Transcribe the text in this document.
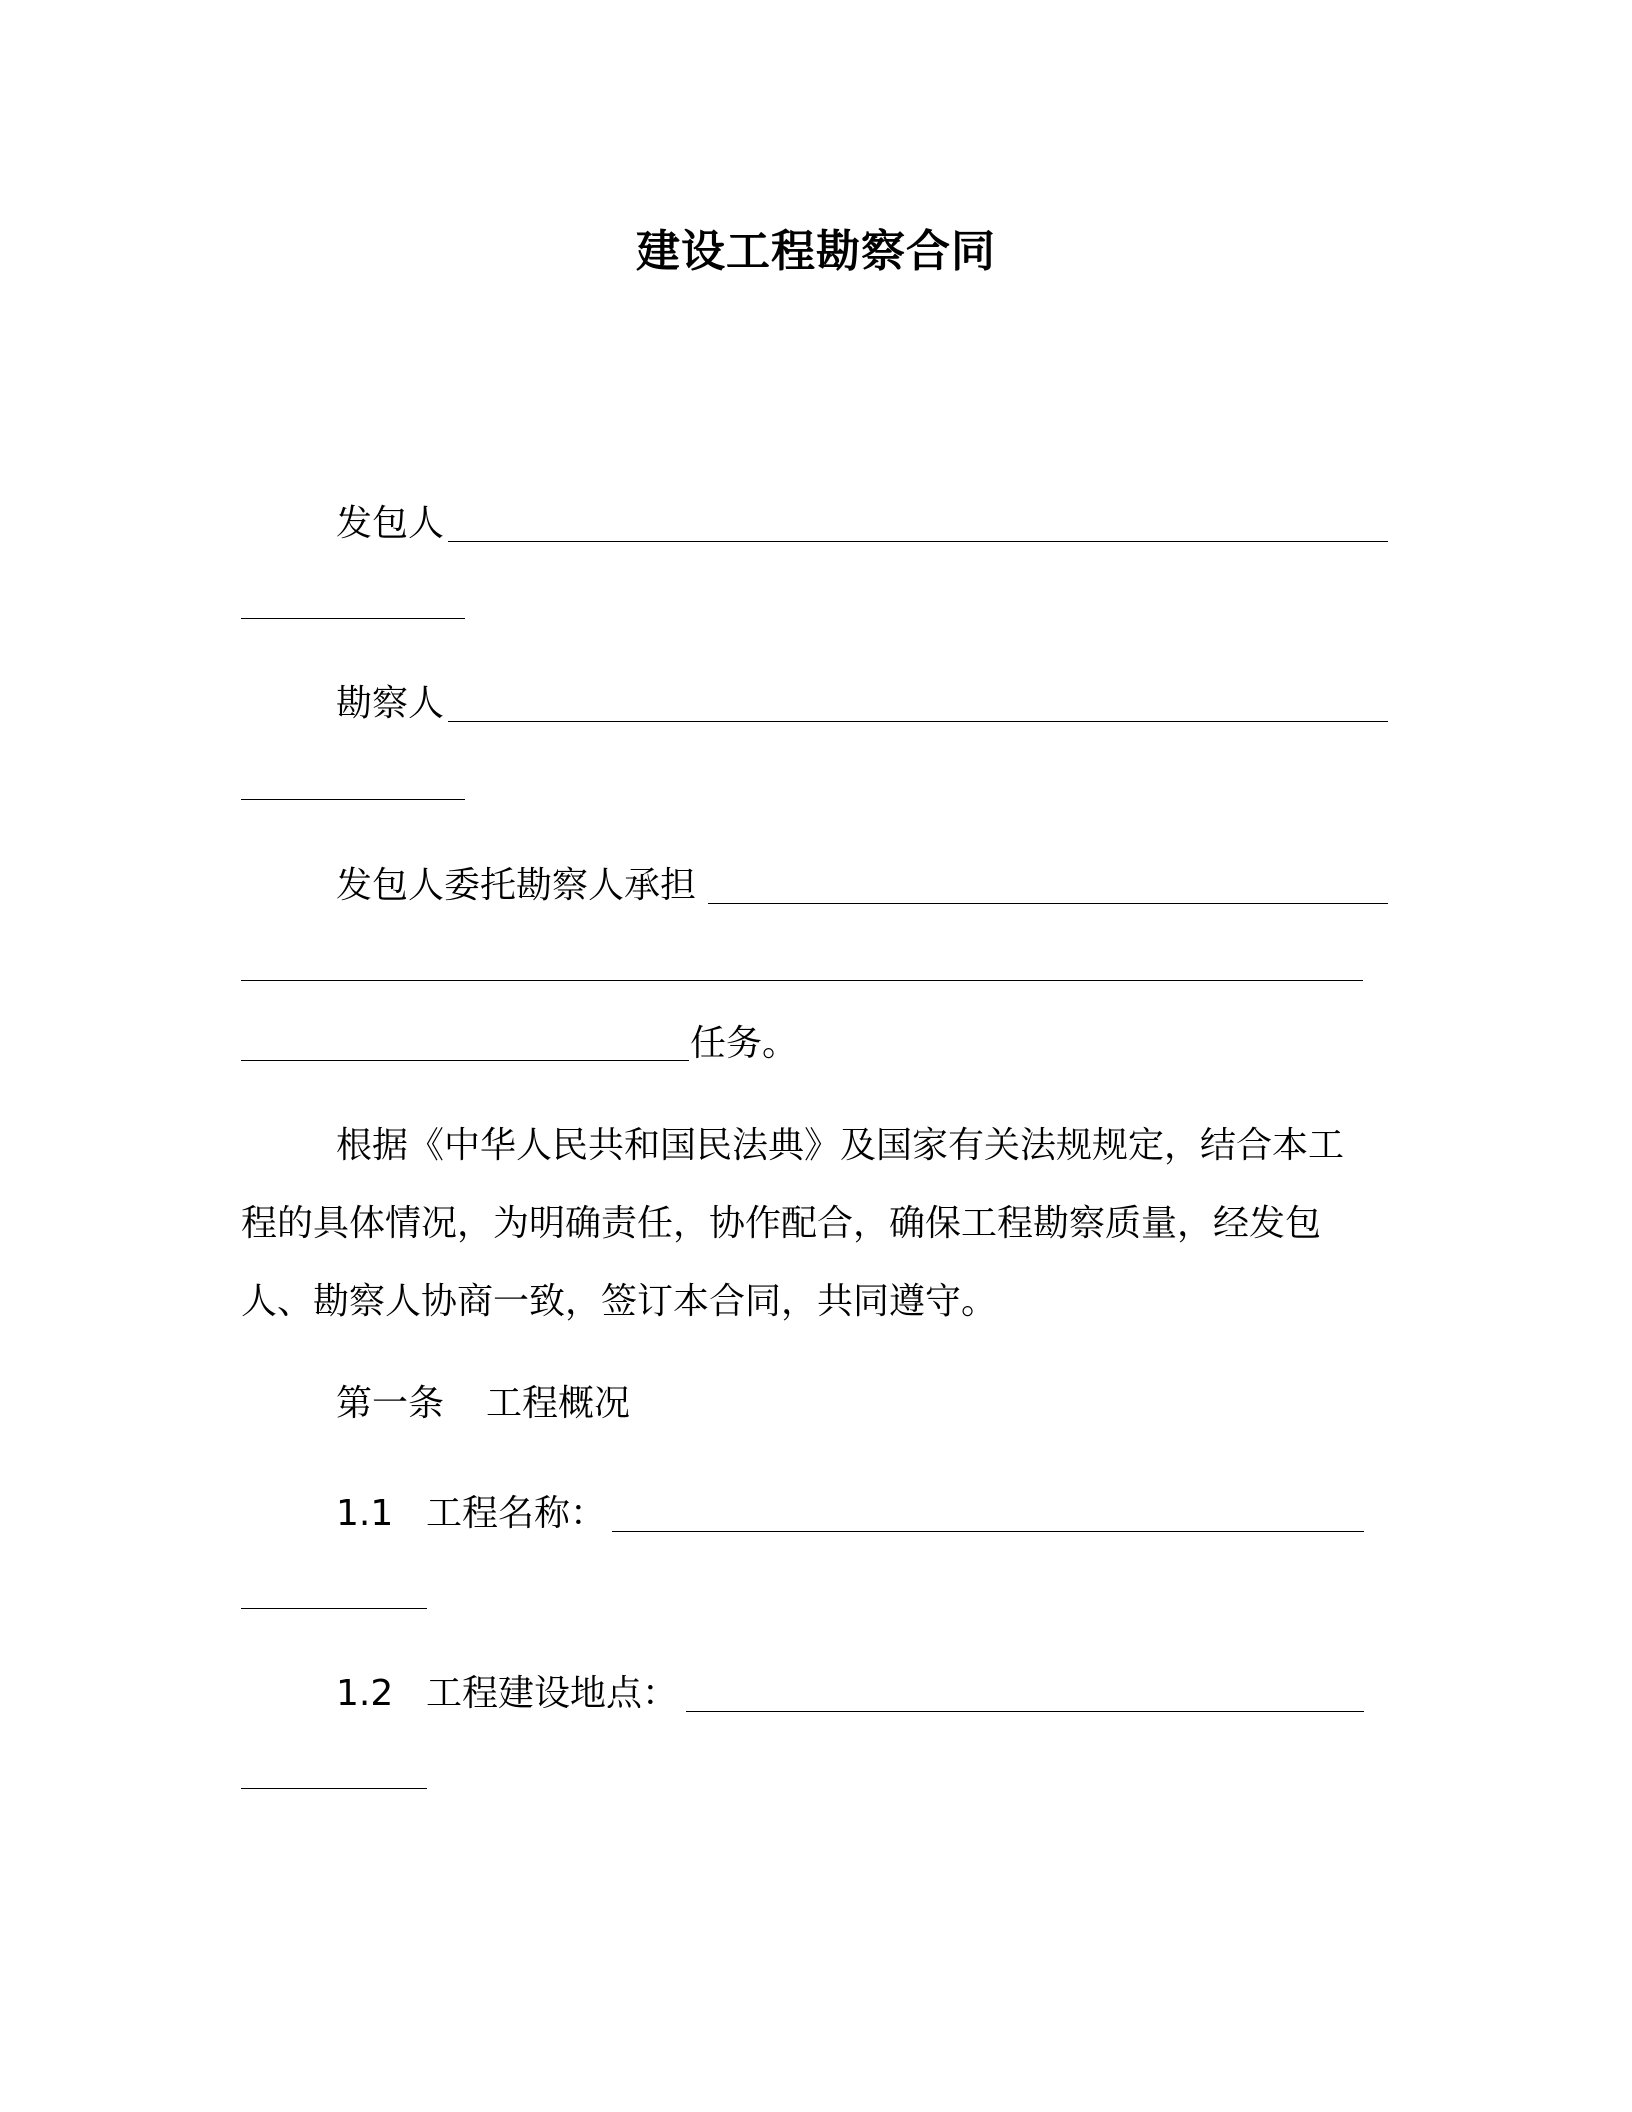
建设工程勘察合同
发包人
勘察人
发包人委托勘察人承担
任务。
根据《中华人民共和国民法典》及国家有关法规规定，结合本工
程的具体情况，为明确责任，协作配合，确保工程勘察质量，经发包
人、勘察人协商一致，签订本合同，共同遵守。
第一条 工程概况
1.1 工程名称：
1.2 工程建设地点：
